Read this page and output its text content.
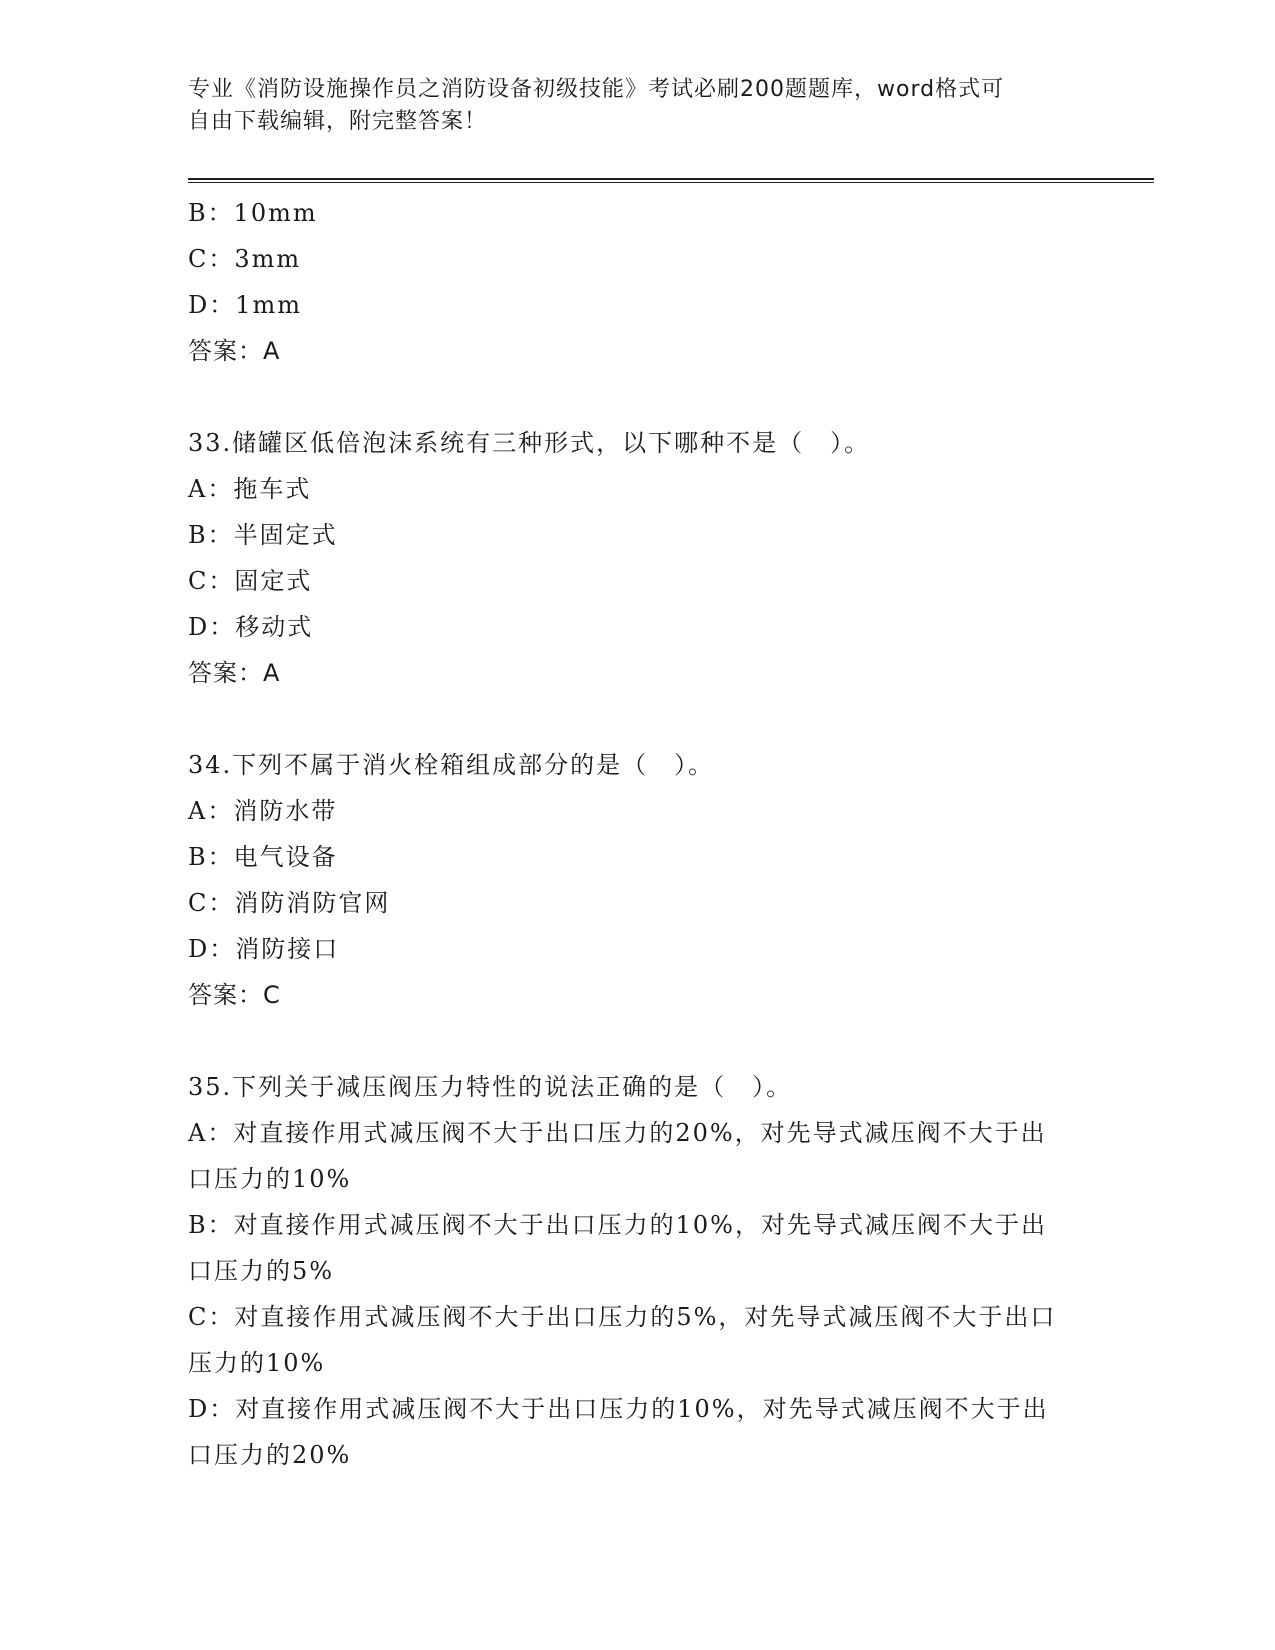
专业《消防设施操作员之消防设备初级技能》考试必刷200题题库，word格式可
自由下载编辑，附完整答案！
B：10mm
C：3mm
D：1mm
答案：A
33.储罐区低倍泡沫系统有三种形式，以下哪种不是（　）。
A：拖车式
B：半固定式
C：固定式
D：移动式
答案：A
34.下列不属于消火栓箱组成部分的是（　）。
A：消防水带
B：电气设备
C：消防消防官网
D：消防接口
答案：C
35.下列关于减压阀压力特性的说法正确的是（　）。
A：对直接作用式减压阀不大于出口压力的20%，对先导式减压阀不大于出口压力的10%
B：对直接作用式减压阀不大于出口压力的10%，对先导式减压阀不大于出口压力的5%
C：对直接作用式减压阀不大于出口压力的5%，对先导式减压阀不大于出口压力的10%
D：对直接作用式减压阀不大于出口压力的10%，对先导式减压阀不大于出口压力的20%
